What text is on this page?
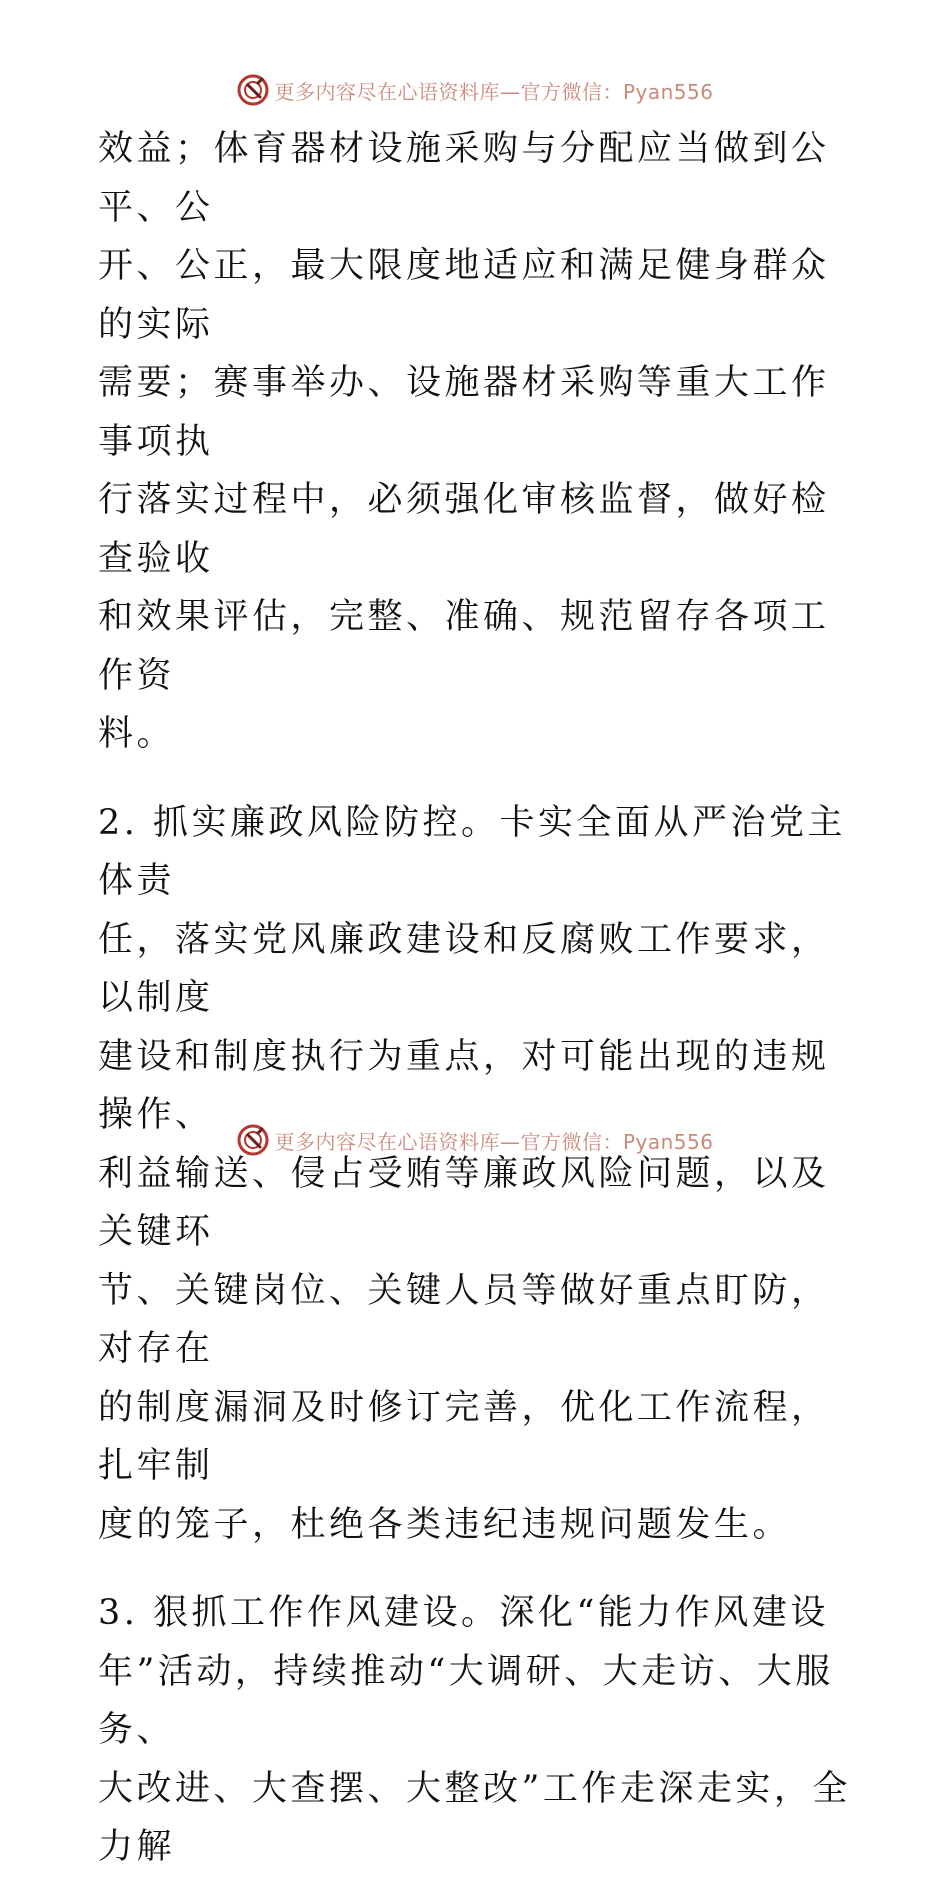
更多内容尽在心语资料库—官方微信：Pyan556

效益；体育器材设施采购与分配应当做到公平、公
开、公正，最大限度地适应和满足健身群众的实际
需要；赛事举办、设施器材采购等重大工作事项执
行落实过程中，必须强化审核监督，做好检查验收
和效果评估，完整、准确、规范留存各项工作资
料。

2. 抓实廉政风险防控。卡实全面从严治党主体责
任，落实党风廉政建设和反腐败工作要求，以制度
建设和制度执行为重点，对可能出现的违规操作、
利益输送、侵占受贿等廉政风险问题，以及关键环
节、关键岗位、关键人员等做好重点盯防，对存在
的制度漏洞及时修订完善，优化工作流程，扎牢制
度的笼子，杜绝各类违纪违规问题发生。

3. 狠抓工作作风建设。深化“能力作风建设
年”活动，持续推动“大调研、大走访、大服务、
大改进、大查摆、大整改”工作走深走实，全力解

更多内容尽在心语资料库—官方微信：Pyan556
